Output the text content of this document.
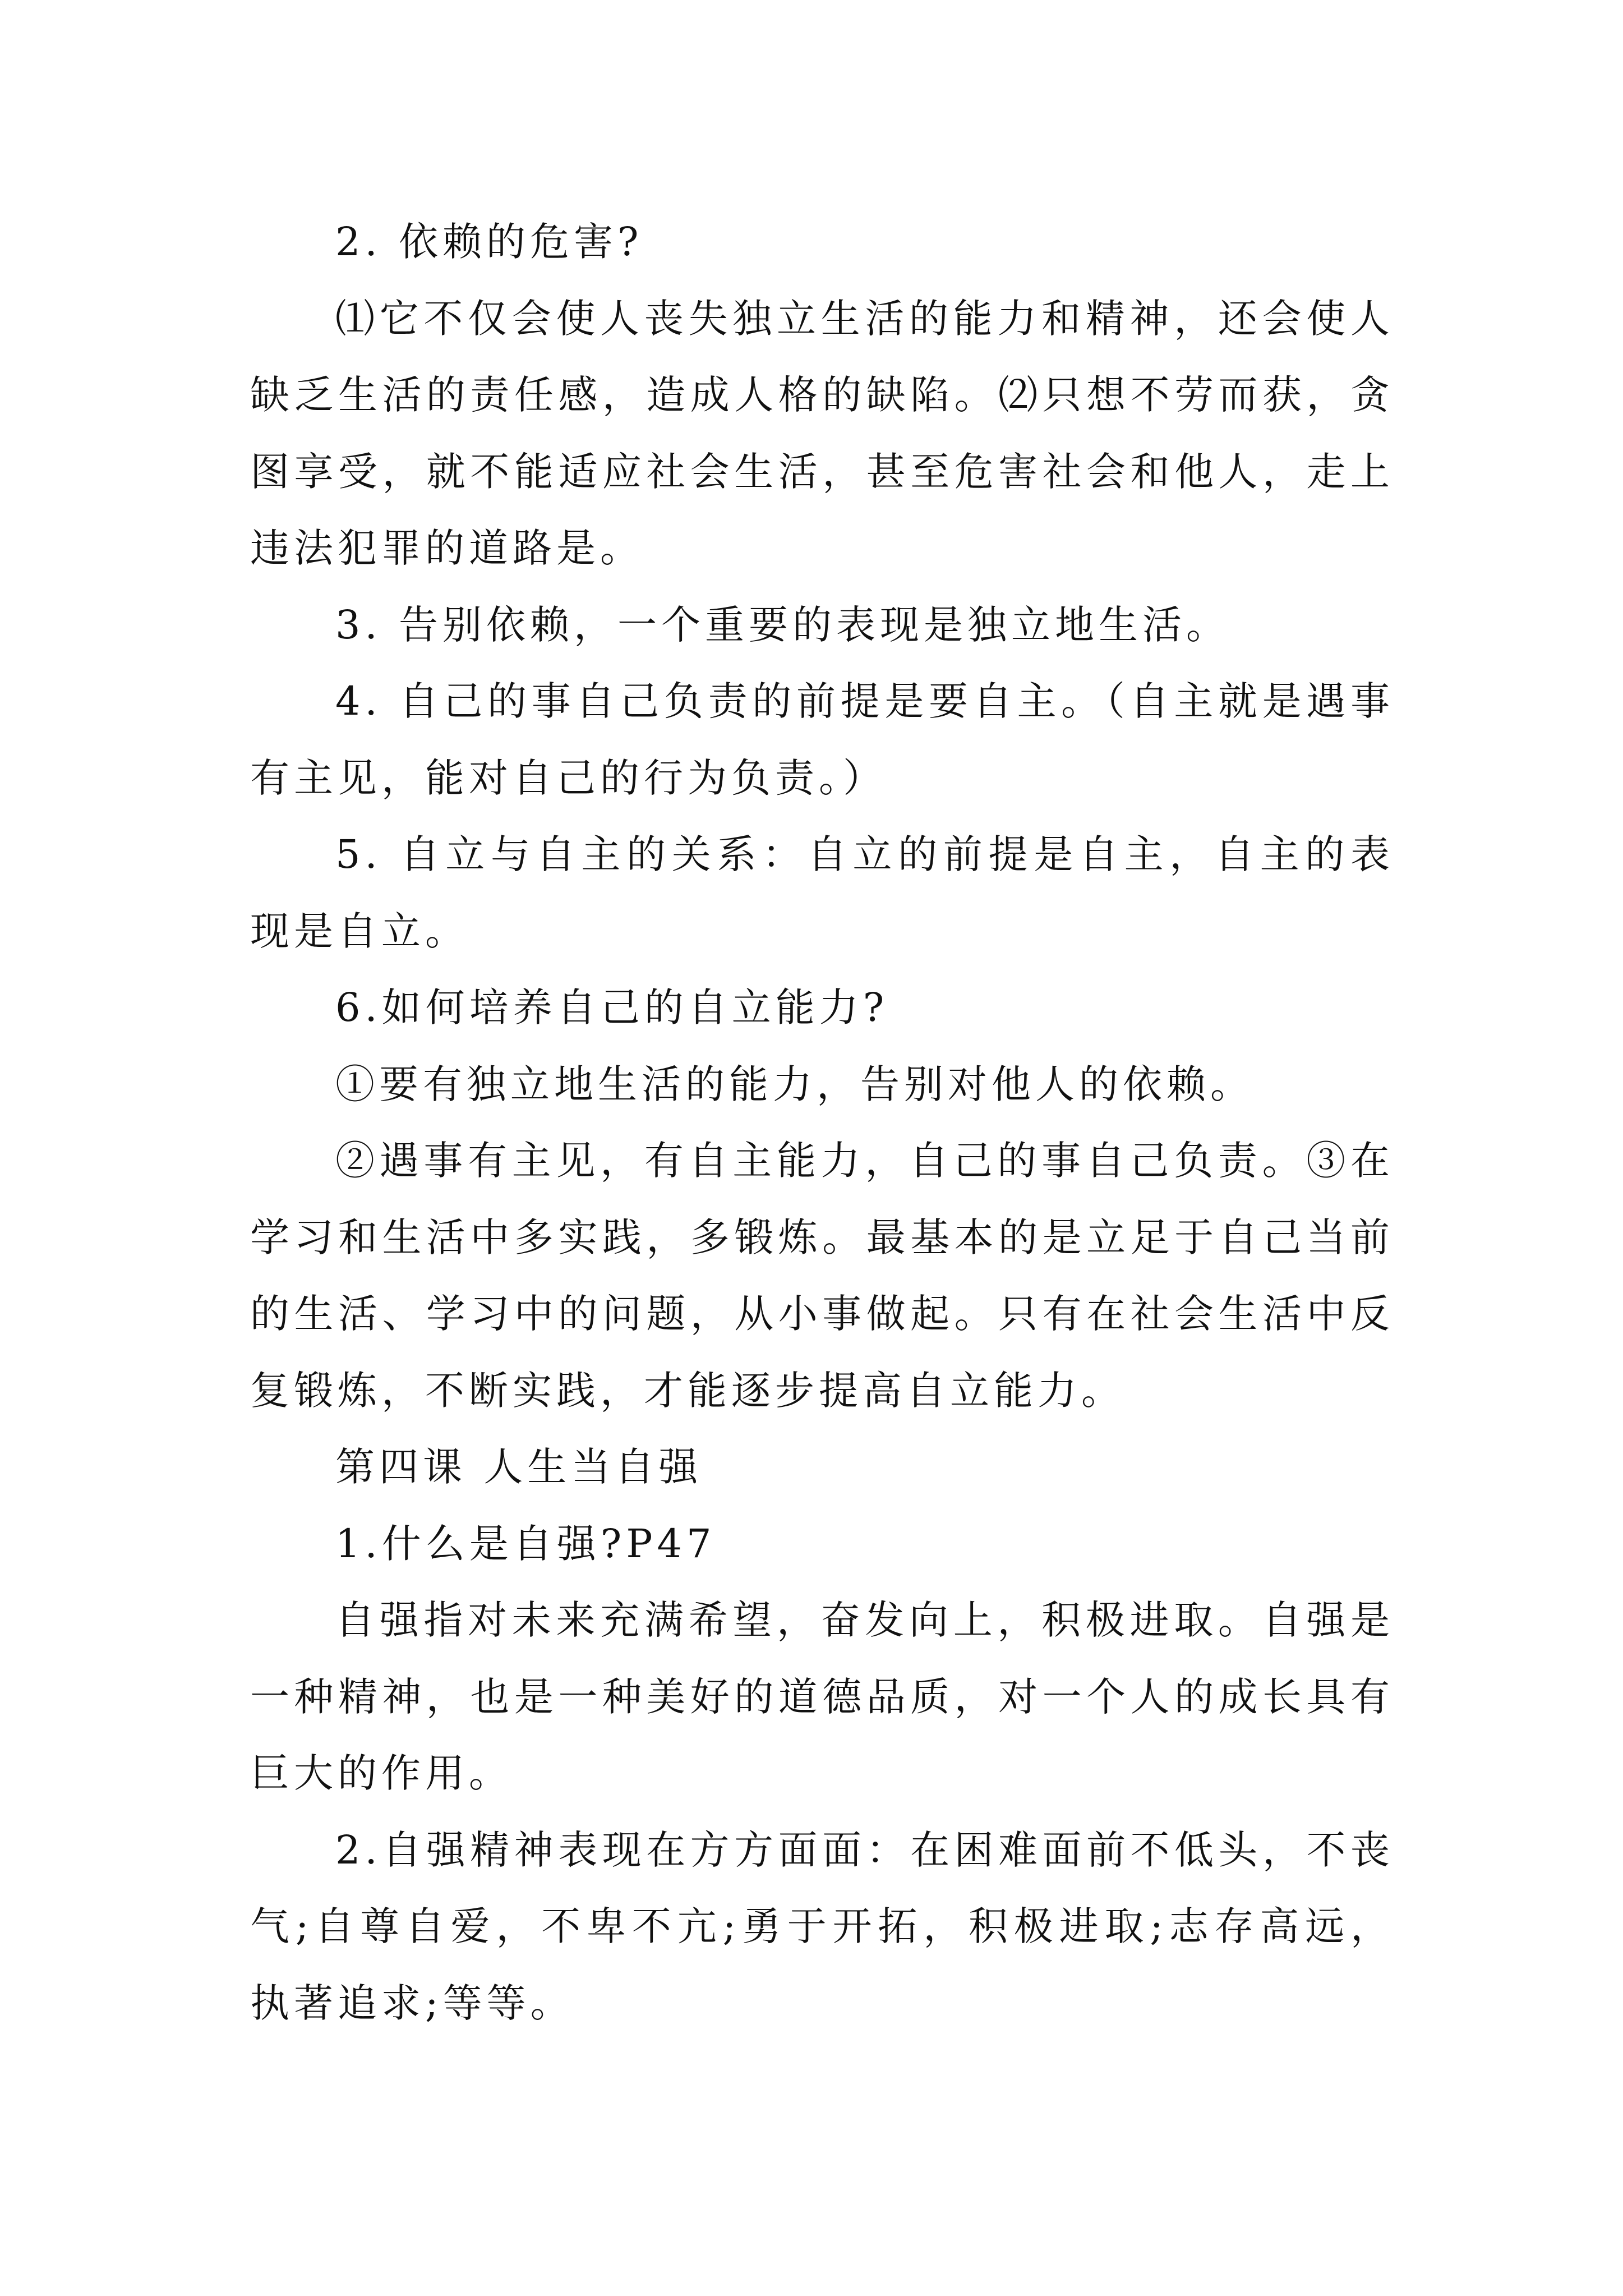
2. 依赖的危害?

⑴它不仅会使人丧失独立生活的能力和精神，还会使人缺乏生活的责任感，造成人格的缺陷。⑵只想不劳而获，贪图享受，就不能适应社会生活，甚至危害社会和他人，走上违法犯罪的道路是。

3. 告别依赖，一个重要的表现是独立地生活。

4. 自己的事自己负责的前提是要自主。（自主就是遇事有主见，能对自己的行为负责。）

5. 自立与自主的关系：自立的前提是自主，自主的表现是自立。

6.如何培养自己的自立能力?

①要有独立地生活的能力，告别对他人的依赖。

②遇事有主见，有自主能力，自己的事自己负责。③在学习和生活中多实践，多锻炼。最基本的是立足于自己当前的生活、学习中的问题，从小事做起。只有在社会生活中反复锻炼，不断实践，才能逐步提高自立能力。

第四课 人生当自强

1.什么是自强?P47

自强指对未来充满希望，奋发向上，积极进取。自强是一种精神，也是一种美好的道德品质，对一个人的成长具有巨大的作用。

2.自强精神表现在方方面面：在困难面前不低头，不丧气;自尊自爱，不卑不亢;勇于开拓，积极进取;志存高远，执著追求;等等。
